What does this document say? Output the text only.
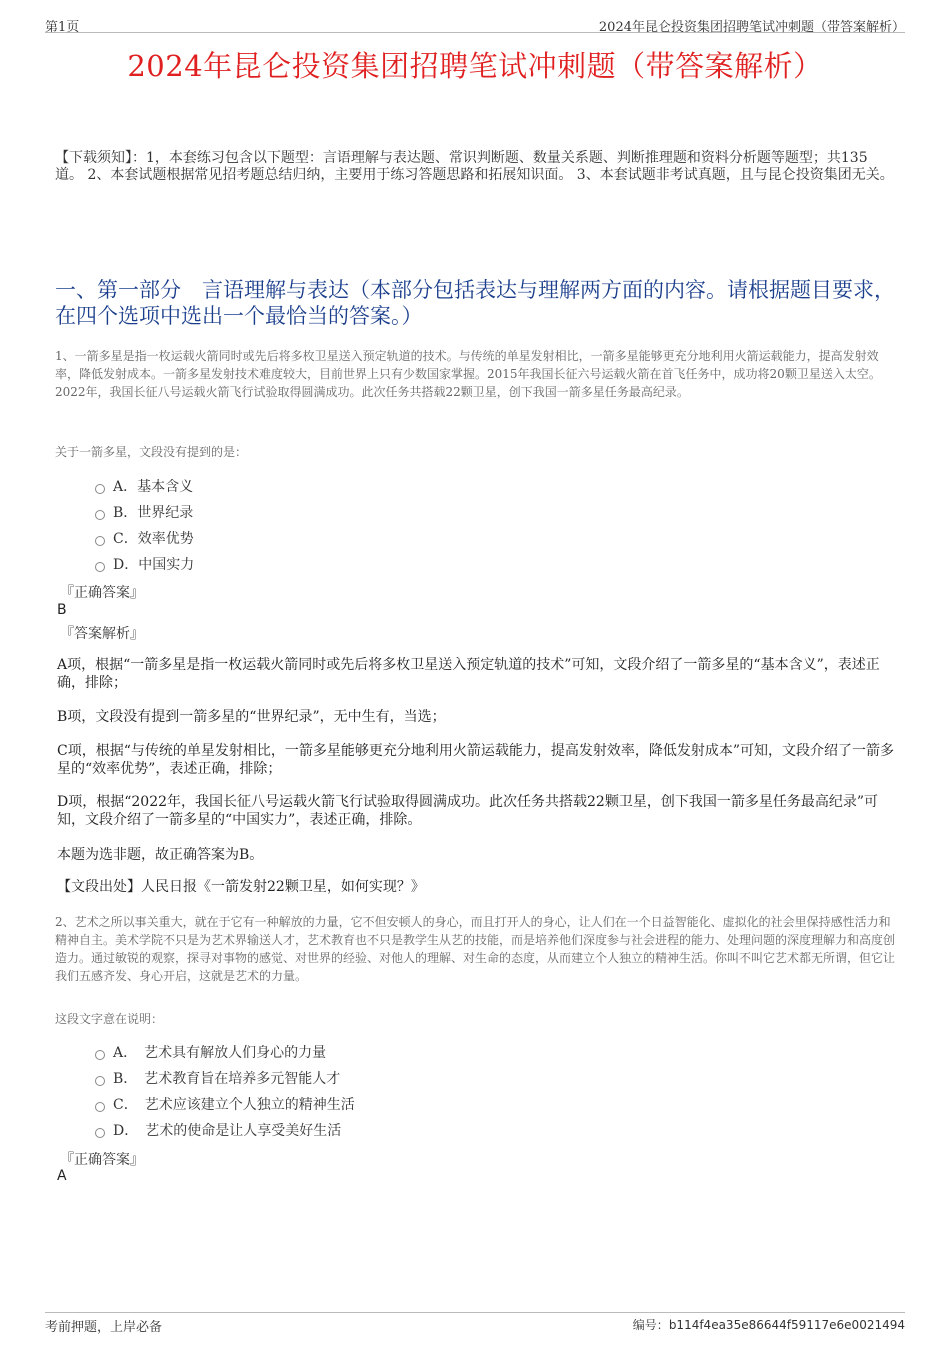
第1页	2024年昆仑投资集团招聘笔试冲刺题（带答案解析）
2024年昆仑投资集团招聘笔试冲刺题（带答案解析）
【下载须知】：1，本套练习包含以下题型：言语理解与表达题、常识判断题、数量关系题、判断推理题和资料分析题等题型；共135道。 2、本套试题根据常见招考题总结归纳，主要用于练习答题思路和拓展知识面。 3、本套试题非考试真题，且与昆仑投资集团无关。
一、第一部分　言语理解与表达（本部分包括表达与理解两方面的内容。请根据题目要求，在四个选项中选出一个最恰当的答案。）
1、一箭多星是指一枚运载火箭同时或先后将多枚卫星送入预定轨道的技术。与传统的单星发射相比，一箭多星能够更充分地利用火箭运载能力，提高发射效率，降低发射成本。一箭多星发射技术难度较大，目前世界上只有少数国家掌握。2015年我国长征六号运载火箭在首飞任务中，成功将20颗卫星送入太空。2022年，我国长征八号运载火箭飞行试验取得圆满成功。此次任务共搭载22颗卫星，创下我国一箭多星任务最高纪录。
关于一箭多星，文段没有提到的是：
A．基本含义
B．世界纪录
C．效率优势
D．中国实力
『正确答案』
B
『答案解析』
A项，根据“一箭多星是指一枚运载火箭同时或先后将多枚卫星送入预定轨道的技术”可知，文段介绍了一箭多星的“基本含义”，表述正确，排除；
B项，文段没有提到一箭多星的“世界纪录”，无中生有，当选；
C项，根据“与传统的单星发射相比，一箭多星能够更充分地利用火箭运载能力，提高发射效率，降低发射成本”可知，文段介绍了一箭多星的“效率优势”，表述正确，排除；
D项，根据“2022年，我国长征八号运载火箭飞行试验取得圆满成功。此次任务共搭载22颗卫星，创下我国一箭多星任务最高纪录”可知，文段介绍了一箭多星的“中国实力”，表述正确，排除。
本题为选非题，故正确答案为B。
【文段出处】人民日报《一箭发射22颗卫星，如何实现？》
2、艺术之所以事关重大，就在于它有一种解放的力量，它不但安顿人的身心，而且打开人的身心，让人们在一个日益智能化、虚拟化的社会里保持感性活力和精神自主。美术学院不只是为艺术界输送人才，艺术教育也不只是教学生从艺的技能，而是培养他们深度参与社会进程的能力、处理问题的深度理解力和高度创造力。通过敏锐的观察，探寻对事物的感觉、对世界的经验、对他人的理解、对生命的态度，从而建立个人独立的精神生活。你叫不叫它艺术都无所谓，但它让我们五感齐发、身心开启，这就是艺术的力量。
这段文字意在说明：
A．　艺术具有解放人们身心的力量
B．　艺术教育旨在培养多元智能人才
C．　艺术应该建立个人独立的精神生活
D．　艺术的使命是让人享受美好生活
『正确答案』
A
考前押题，上岸必备	编号：b114f4ea35e86644f59117e6e0021494
